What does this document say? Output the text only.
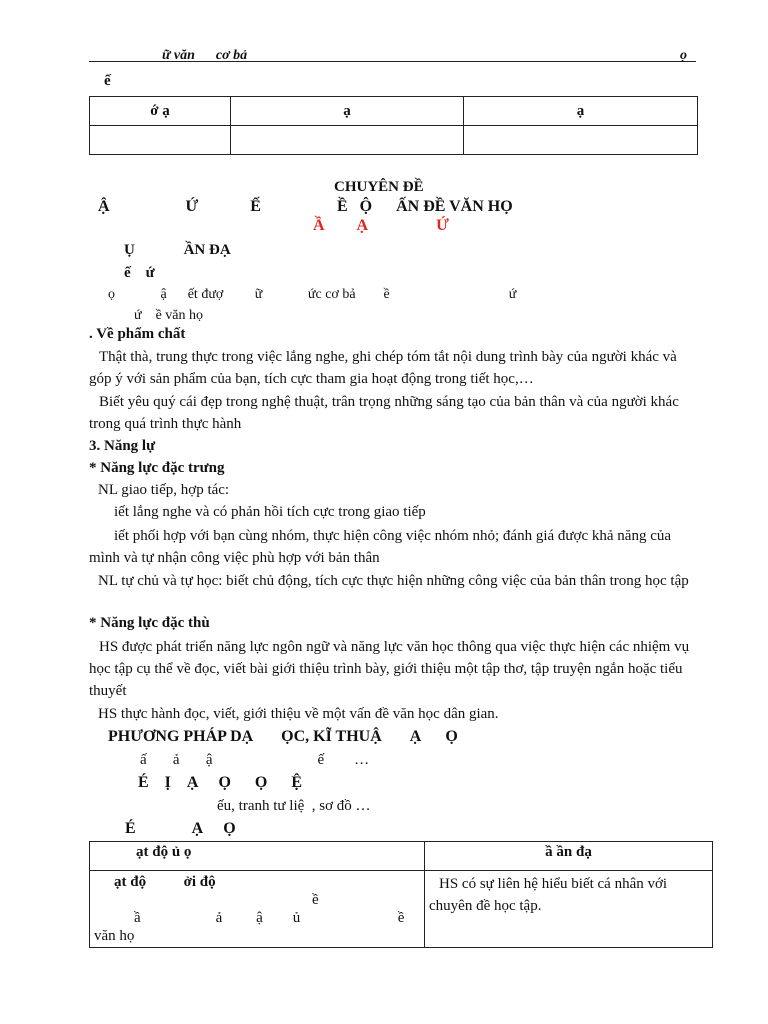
ữ văn      cơ bả	ọ
ế
ớ ạ	ạ	ạ

CHUYÊN ĐỀ
Ậ                   Ứ             Ế                   Ề   Ộ      ẤN ĐỀ VĂN HỌ
Ầ        Ạ                 Ứ
Ụ             ẦN ĐẠ
ế    ứ
ọ             ậ      ết đượ         ữ             ức cơ bả        ề                                  ứ
ứ    ề văn họ
. Về phẩm chất
Thật thà, trung thực trong việc lắng nghe, ghi chép tóm tắt nội dung trình bày của người khác và góp ý với sản phẩm của bạn, tích cực tham gia hoạt động trong tiết học,…
Biết yêu quý cái đẹp trong nghệ thuật, trân trọng những sáng tạo của bản thân và của người khác trong quá trình thực hành
3. Năng lự
* Năng lực đặc trưng
NL giao tiếp, hợp tác:
iết lắng nghe và có phản hồi tích cực trong giao tiếp
iết phối hợp với bạn cùng nhóm, thực hiện công việc nhóm nhỏ; đánh giá được khả năng của mình và tự nhận công việc phù hợp với bản thân
NL tự chủ và tự học: biết chủ động, tích cực thực hiện những công việc của bản thân trong học tập
* Năng lực đặc thù
HS được phát triển năng lực ngôn ngữ và năng lực văn học thông qua việc thực hiện các nhiệm vụ học tập cụ thể về đọc, viết bài giới thiệu trình bày, giới thiệu một tập thơ, tập truyện ngắn hoặc tiểu thuyết
HS thực hành đọc, viết, giới thiệu về một vấn đề văn học dân gian.
PHƯƠNG PHÁP DẠ       ỌC, KĨ THUẬ       Ạ      Ọ
ấ       ả       ậ                            ế        …
É    Ị    Ạ     Ọ      Ọ      Ệ
ếu, tranh tư liệ  , sơ đồ …
É              Ạ     Ọ
ạt độ ủ ọ	ầ ần đạ

ạt độ          ởi độ
ề
ầ                    ả         ậ        ủ                          ề
văn họ	HS có sự liên hệ hiểu biết cá nhân với chuyên đề học tập.
